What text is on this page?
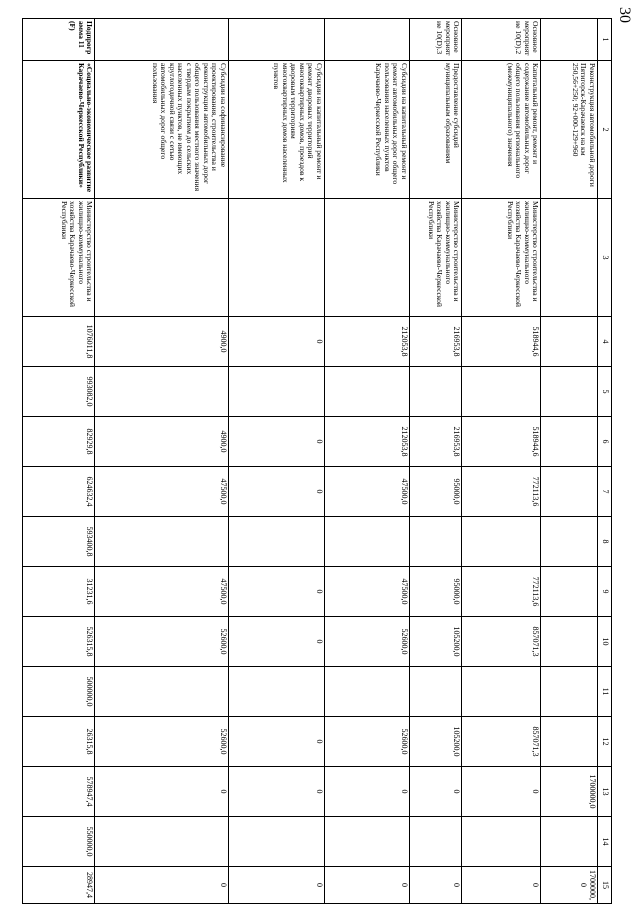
30
1	2	3	4	5	6	7	8	9	10	11	12	13	14	15
	Реконструкция автомобильной дороги Пятигорск-Карачаевск на км 250,56+250; 92+000-129+960											1700000,0		1700000,0
Основное мероприятие 10(D).2	Капитальный ремонт, ремонт и содержание автомобильных дорог общего пользования регионального (межмуниципального) значения	Министерство строительства и жилищно-коммунального хозяйства Карачаево-Черкесской Республики	518944,6		518944,6	772113,6		772113,6	857071,3		857071,3	0		0
Основное мероприятие 10(D).3	Предоставление субсидий муниципальным образованиям	Министерство строительства и жилищно-коммунального хозяйства Карачаево-Черкесской Республики	216953,8		216953,8	95000,0		95000,0	105200,0		105200,0	0		0
	Субсидии на капитальный ремонт и ремонт автомобильных дорог общего пользования населенных пунктов Карачаево-Черкесской Республики		212053,8		212053,8	47500,0		47500,0	52600,0		52600,0	0		0
	Субсидии на капитальный ремонт и ремонт дворовых территорий многоквартирных домов, проездов к дворовым территориям многоквартирных домов населенных пунктов		0		0	0		0	0		0	0		0
	Субсидии на софинансирование проектирования, строительства и реконструкции автомобильных дорог общего пользования местного значения с твердым покрытием до сельских населенных пунктов, не имеющих круглогодичной связи с сетью автомобильных дорог общего пользования		4900,0		4900,0	47500,0		47500,0	52600,0		52600,0	0		0
Подпрограмма 11 (F)	«Социально-экономическое развитие Карачаево-Черкесской Республики»	Министерство строительства и жилищно-коммунального хозяйства Карачаево-Черкесской Республики	1076011,8	993082,0	82929,8	624632,4	593400,8	31231,6	526315,8	500000,0	26315,8	578947,4	550000,0	28947,4
